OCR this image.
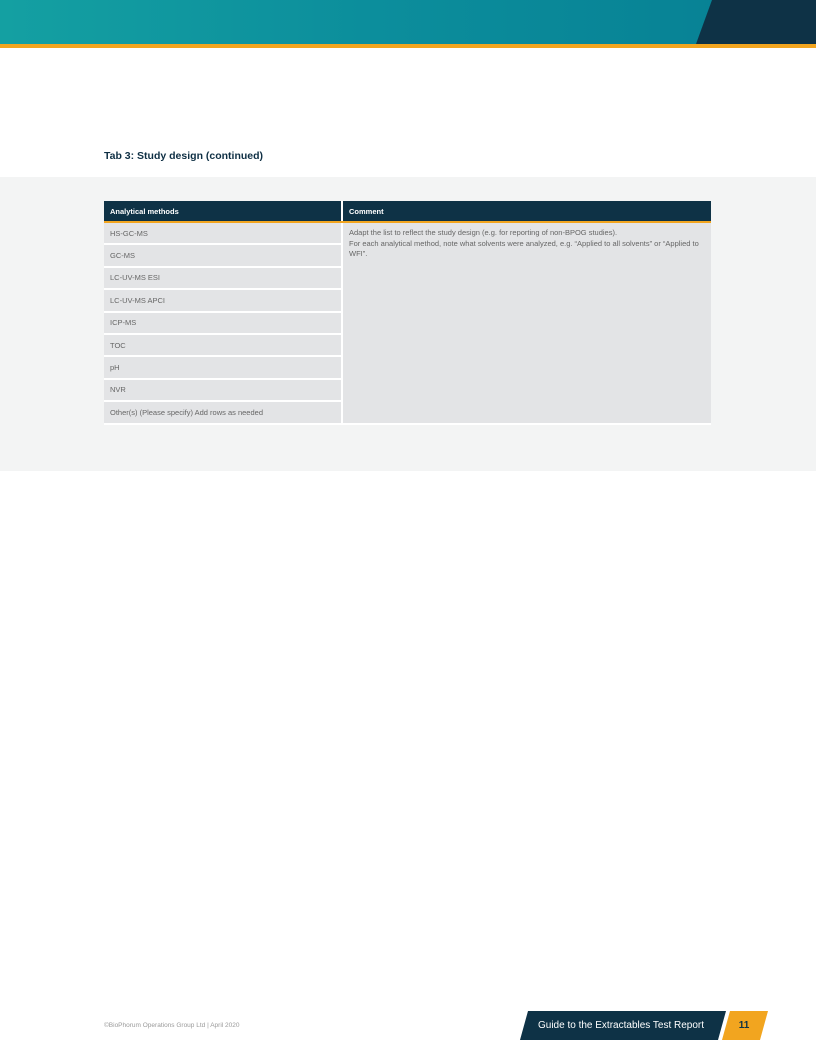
Tab 3: Study design (continued)
Analytical methods	Comment
HS-GC-MS	Adapt the list to reflect the study design (e.g. for reporting of non-BPOG studies).

For each analytical method, note what solvents were analyzed, e.g. “Applied to all solvents” or “Applied to WFI”.

GC-MS	
LC-UV-MS ESI	
LC-UV-MS APCI	
ICP-MS	
TOC	
pH	
NVR	
Other(s) (Please specify) Add rows as needed	
©BioPhorum Operations Group Ltd | April 2020	Guide to the Extractables Test Report	11
